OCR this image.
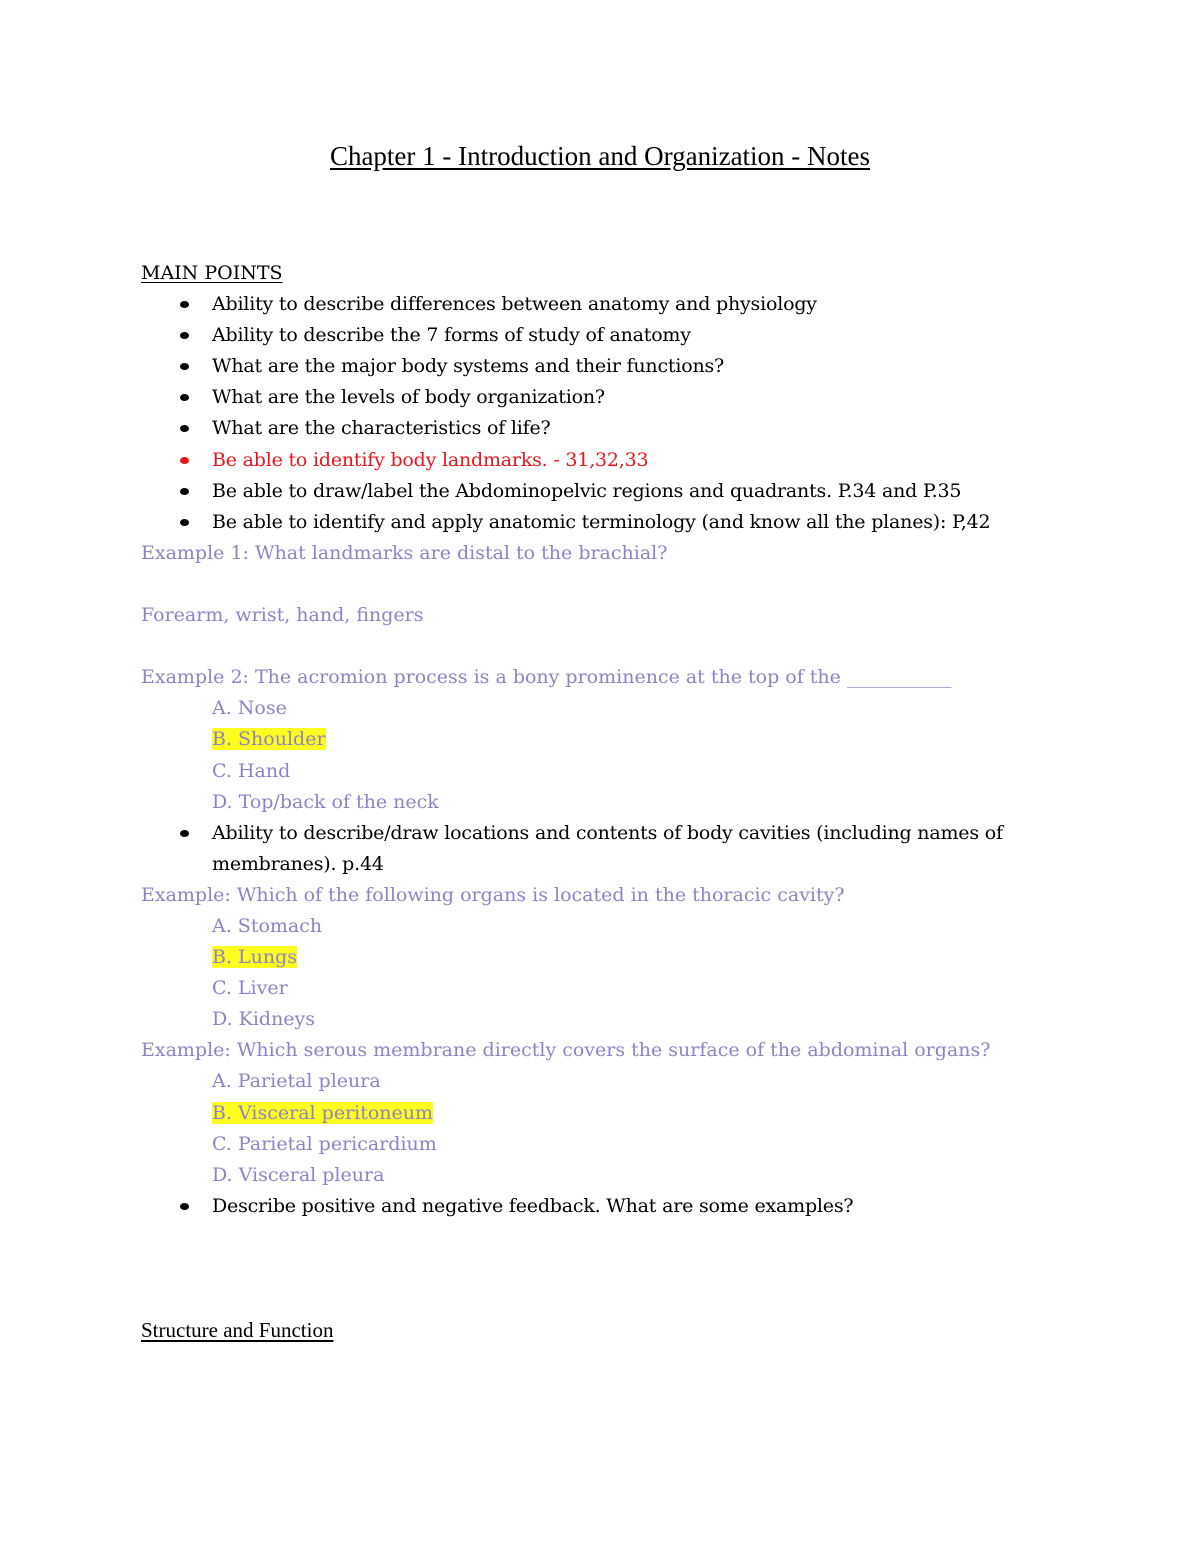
Chapter 1 - Introduction and Organization - Notes
MAIN POINTS
Ability to describe differences between anatomy and physiology
Ability to describe the 7 forms of study of anatomy
What are the major body systems and their functions?
What are the levels of body organization?
What are the characteristics of life?
Be able to identify body landmarks. - 31,32,33
Be able to draw/label the Abdominopelvic regions and quadrants. P.34 and P.35
Be able to identify and apply anatomic terminology (and know all the planes): P,42
Example 1: What landmarks are distal to the brachial?
Forearm, wrist, hand, fingers
Example 2: The acromion process is a bony prominence at the top of the ___________
A. Nose
B. Shoulder
C. Hand
D. Top/back of the neck
Ability to describe/draw locations and contents of body cavities (including names of membranes). p.44
Example: Which of the following organs is located in the thoracic cavity?
A. Stomach
B. Lungs
C. Liver
D. Kidneys
Example: Which serous membrane directly covers the surface of the abdominal organs?
A. Parietal pleura
B. Visceral peritoneum
C. Parietal pericardium
D. Visceral pleura
Describe positive and negative feedback. What are some examples?
Structure and Function
